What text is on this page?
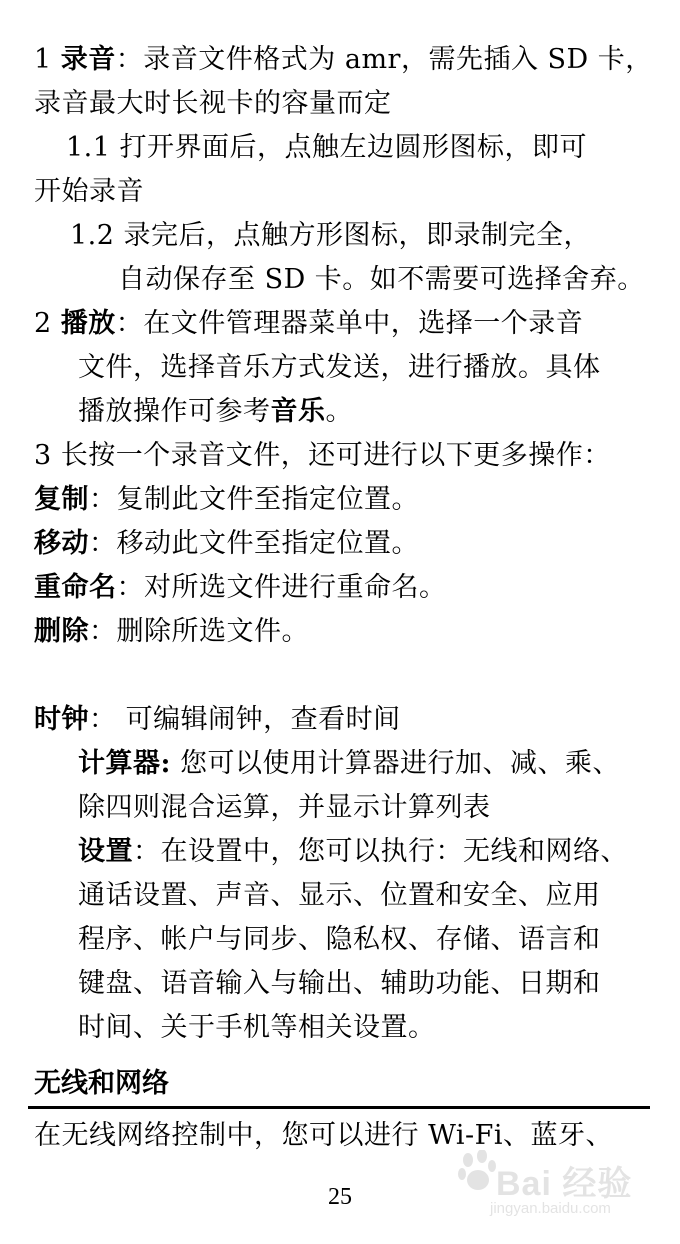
1 录音：录音文件格式为 amr，需先插入 SD 卡，
录音最大时长视卡的容量而定
1.1 打开界面后，点触左边圆形图标，即可
开始录音
1.2 录完后，点触方形图标，即录制完全，
自动保存至 SD 卡。如不需要可选择舍弃。
2 播放：在文件管理器菜单中，选择一个录音
文件，选择音乐方式发送，进行播放。具体
播放操作可参考音乐。
3 长按一个录音文件，还可进行以下更多操作：
复制：复制此文件至指定位置。
移动：移动此文件至指定位置。
重命名：对所选文件进行重命名。
删除：删除所选文件。
时钟： 可编辑闹钟，查看时间
计算器: 您可以使用计算器进行加、减、乘、
除四则混合运算，并显示计算列表
设置：在设置中，您可以执行：无线和网络、
通话设置、声音、显示、位置和安全、应用
程序、帐户与同步、隐私权、存储、语言和
键盘、语音输入与输出、辅助功能、日期和
时间、关于手机等相关设置。
无线和网络
在无线网络控制中，您可以进行 Wi-Fi、蓝牙、
25	Bai 经验
jingyan.baidu.com
